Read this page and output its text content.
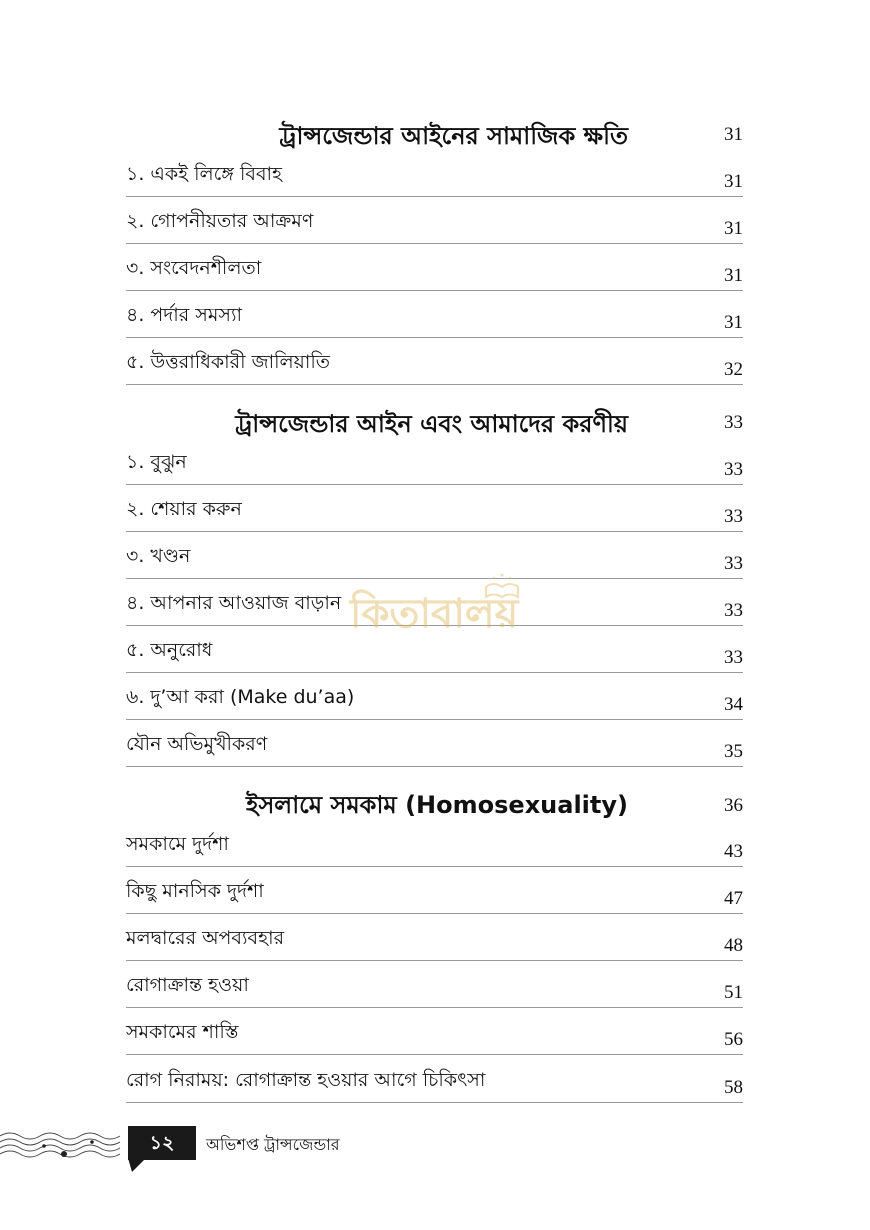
ট্রান্সজেন্ডার আইনের সামাজিক ক্ষতি	31
১. একই লিঙ্গে বিবাহ	31
২. গোপনীয়তার আক্রমণ	31
৩. সংবেদনশীলতা	31
৪. পর্দার সমস্যা	31
৫. উত্তরাধিকারী জালিয়াতি	32
ট্রান্সজেন্ডার আইন এবং আমাদের করণীয়	33
১. বুঝুন	33
২. শেয়ার করুন	33
৩. খণ্ডন	33
৪. আপনার আওয়াজ বাড়ান	33
৫. অনুরোধ	33
৬. দু’আ করা (Make du’aa)	34
যৌন অভিমুখীকরণ	35
ইসলামে সমকাম (Homosexuality)	36
সমকামে দুর্দশা	43
কিছু মানসিক দুর্দশা	47
মলদ্বারের অপব্যবহার	48
রোগাক্রান্ত হওয়া	51
সমকামের শাস্তি	56
রোগ নিরাময়: রোগাক্রান্ত হওয়ার আগে চিকিৎসা	58
কিতাবালয়
১২	অভিশপ্ত ট্রান্সজেন্ডার
